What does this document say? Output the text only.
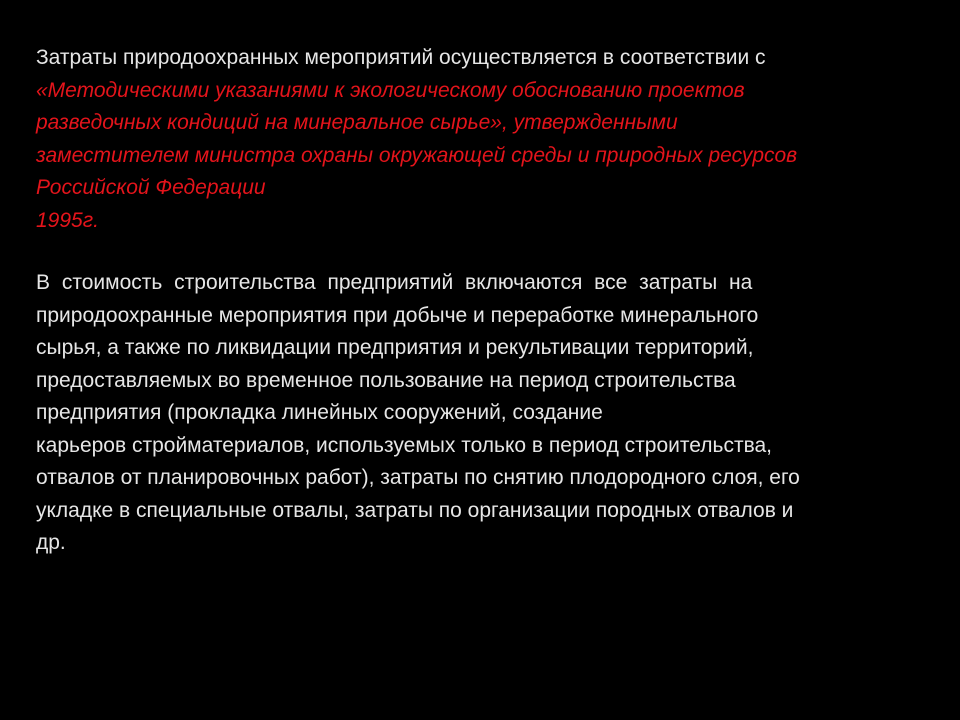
Затраты природоохранных мероприятий осуществляется в соответствии с
«Методическими указаниями к экологическому обоснованию проектов
разведочных кондиций на минеральное сырье», утвержденными
заместителем министра охраны окружающей среды и природных ресурсов
Российской Федерации
1995г.
В стоимость строительства предприятий включаются все затраты на
природоохранные мероприятия при добыче и переработке минерального
сырья, а также по ликвидации предприятия и рекультивации территорий,
предоставляемых во временное пользование на период строительства
предприятия (прокладка линейных сооружений, создание
карьеров стройматериалов, используемых только в период строительства,
отвалов от планировочных работ), затраты по снятию плодородного слоя, его
укладке в специальные отвалы, затраты по организации породных отвалов и
др.
